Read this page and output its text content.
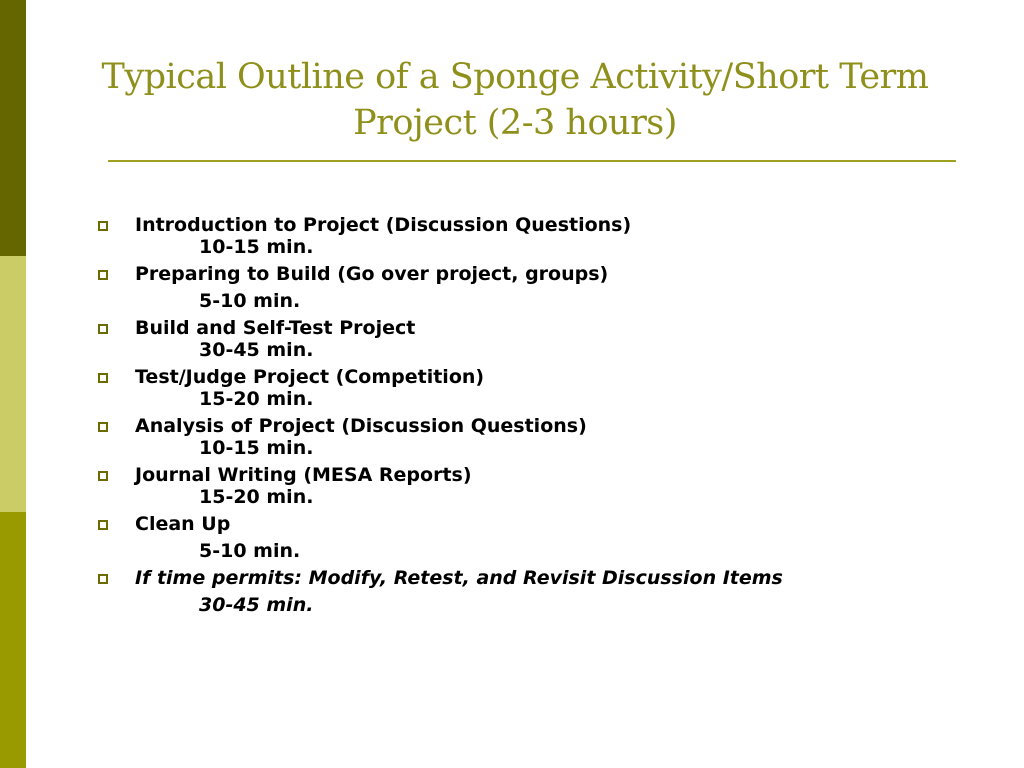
Typical Outline of a Sponge Activity/Short Term
Project (2-3 hours)
Introduction to Project (Discussion Questions)
10-15 min.
Preparing to Build (Go over project, groups)
5-10 min.
Build and Self-Test Project
30-45 min.
Test/Judge Project (Competition)
15-20 min.
Analysis of Project (Discussion Questions)
10-15 min.
Journal Writing (MESA Reports)
15-20 min.
Clean Up
5-10 min.
If time permits: Modify, Retest, and Revisit Discussion Items
30-45 min.
